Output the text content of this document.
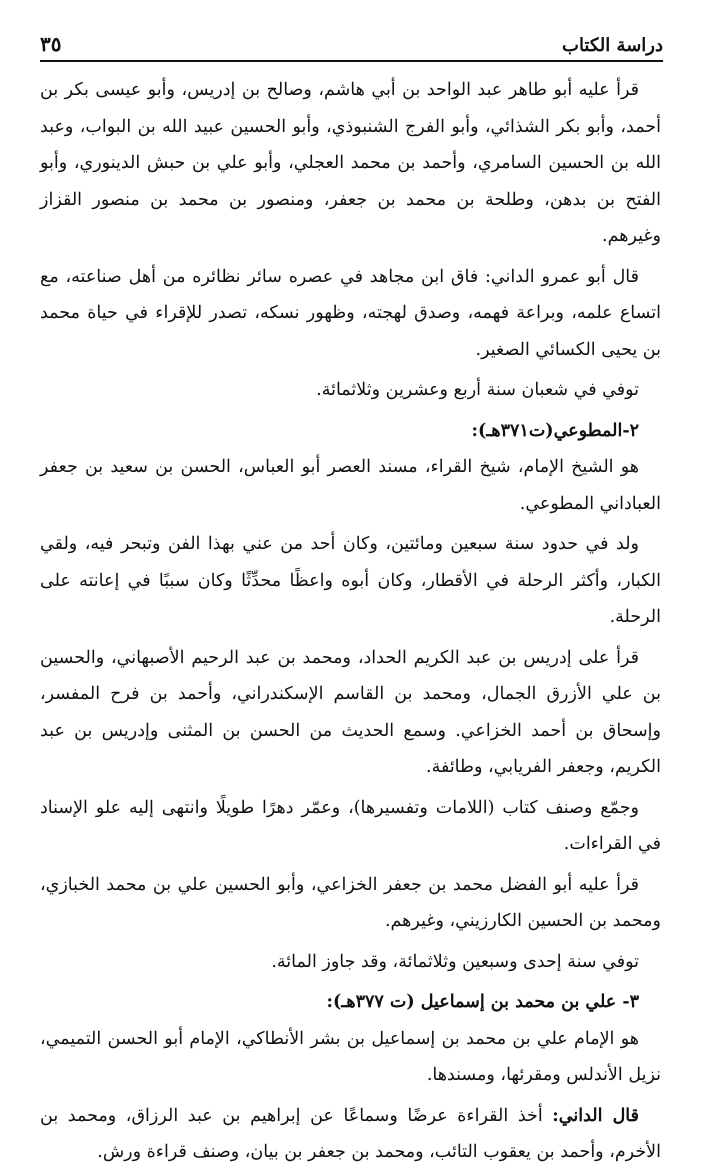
دراسة الكتاب
٣٥

قرأ عليه أبو طاهر عبد الواحد بن أبي هاشم، وصالح بن إدريس، وأبو عيسى بكر بن أحمد، وأبو بكر الشذائي، وأبو الفرج الشنبوذي، وأبو الحسين عبيد الله بن البواب، وعبد الله بن الحسين السامري، وأحمد بن محمد العجلي، وأبو علي بن حبش الدينوري، وأبو الفتح بن بدهن، وطلحة بن محمد بن جعفر، ومنصور بن محمد بن منصور القزاز وغيرهم.

قال أبو عمرو الداني: فاق ابن مجاهد في عصره سائر نظائره من أهل صناعته، مع اتساع علمه، وبراعة فهمه، وصدق لهجته، وظهور نسكه، تصدر للإقراء في حياة محمد بن يحيى الكسائي الصغير.

توفي في شعبان سنة أربع وعشرين وثلاثمائة.

٢-المطوعي(ت٣٧١هـ):

هو الشيخ الإمام، شيخ القراء، مسند العصر أبو العباس، الحسن بن سعيد بن جعفر العباداني المطوعي.

ولد في حدود سنة سبعين ومائتين، وكان أحد من عني بهذا الفن وتبحر فيه، ولقي الكبار، وأكثر الرحلة في الأقطار، وكان أبوه واعظًا محدِّثًا وكان سببًا في إعانته على الرحلة.

قرأ على إدريس بن عبد الكريم الحداد، ومحمد بن عبد الرحيم الأصبهاني، والحسين بن علي الأزرق الجمال، ومحمد بن القاسم الإسكندراني، وأحمد بن فرح المفسر، وإسحاق بن أحمد الخزاعي. وسمع الحديث من الحسن بن المثنى وإدريس بن عبد الكريم، وجعفر الفريابي، وطائفة.

وجمّع وصنف كتاب (اللامات وتفسيرها)، وعمّر دهرًا طويلًا وانتهى إليه علو الإسناد في القراءات.

قرأ عليه أبو الفضل محمد بن جعفر الخزاعي، وأبو الحسين علي بن محمد الخبازي، ومحمد بن الحسين الكارزيني، وغيرهم.

توفي سنة إحدى وسبعين وثلاثمائة، وقد جاوز المائة.

٣- علي بن محمد بن إسماعيل (ت ٣٧٧هـ):

هو الإمام علي بن محمد بن إسماعيل بن بشر الأنطاكي، الإمام أبو الحسن التميمي، نزيل الأندلس ومقرئها، ومسندها.

قال الداني: أخذ القراءة عرضًا وسماعًا عن إبراهيم بن عبد الرزاق، ومحمد بن الأخرم، وأحمد بن يعقوب التائب، ومحمد بن جعفر بن بيان، وصنف قراءة ورش.
